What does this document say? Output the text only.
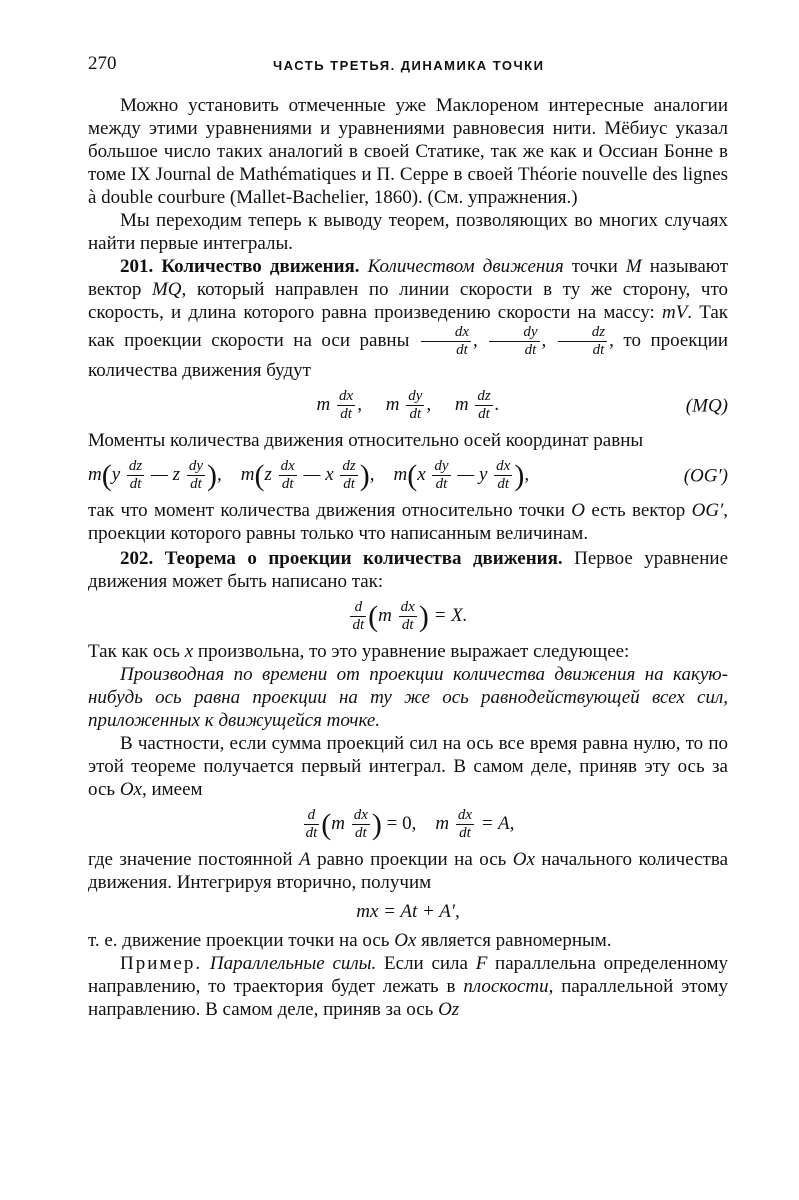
270	ЧАСТЬ ТРЕТЬЯ. ДИНАМИКА ТОЧКИ

Можно установить отмеченные уже Маклореном интересные аналогии между этими уравнениями и уравнениями равновесия нити. Мёбиус указал большое число таких аналогий в своей Статике, так же как и Оссиан Бонне в томе IX Journal de Mathématiques и П. Серре в своей Théorie nouvelle des lignes à double courbure (Mallet-Bachelier, 1860). (См. упражнения.)

Мы переходим теперь к выводу теорем, позволяющих во многих случаях найти первые интегралы.

201. Количество движения. Количеством движения точки M называют вектор MQ, который направлен по линии скорости в ту же сторону, что скорость, и длина которого равна произведению скорости на массу: mV. Так как проекции скорости на оси равны $\frac{dx}{dt}$ , $\frac{dy}{dt}$ , $\frac{dz}{dt}$ , то проекции количества движения будут

m $\frac{dx}{dt}$ ,     m $\frac{dy}{dt}$ ,     m $\frac{dz}{dt}$ .	(MQ)

Моменты количества движения относительно осей координат равны

$m(y \frac{dz}{dt}$ — z $\frac{dy}{dt}$ ),    $m(z \frac{dx}{dt}$ — x $\frac{dz}{dt}$ ),    $m(x \frac{dy}{dt}$ — y $\frac{dx}{dt}$ ),	(OG′)

так что момент количества движения относительно точки O есть вектор OG′, проекции которого равны только что написанным величинам.

202. Теорема о проекции количества движения. Первое уравнение движения может быть написано так:

$\frac{d}{dt} (m \frac{dx}{dt}$ ) = X.

Так как ось x произвольна, то это уравнение выражает следующее:

Производная по времени от проекции количества движения на какую-нибудь ось равна проекции на ту же ось равнодействующей всех сил, приложенных к движущейся точке.

В частности, если сумма проекций сил на ось все время равна нулю, то по этой теореме получается первый интеграл. В самом деле, приняв эту ось за ось Ox, имеем

$\frac{d}{dt} (m \frac{dx}{dt}$ ) = 0,    m $\frac{dx}{dt} = A$,

где значение постоянной A равно проекции на ось Ox начального количества движения. Интегрируя вторично, получим

mx = At + A′,

т. е. движение проекции точки на ось Ox является равномерным.

Пример. Параллельные силы. Если сила F параллельна определенному направлению, то траектория будет лежать в плоскости, параллельной этому направлению. В самом деле, приняв за ось Oz
